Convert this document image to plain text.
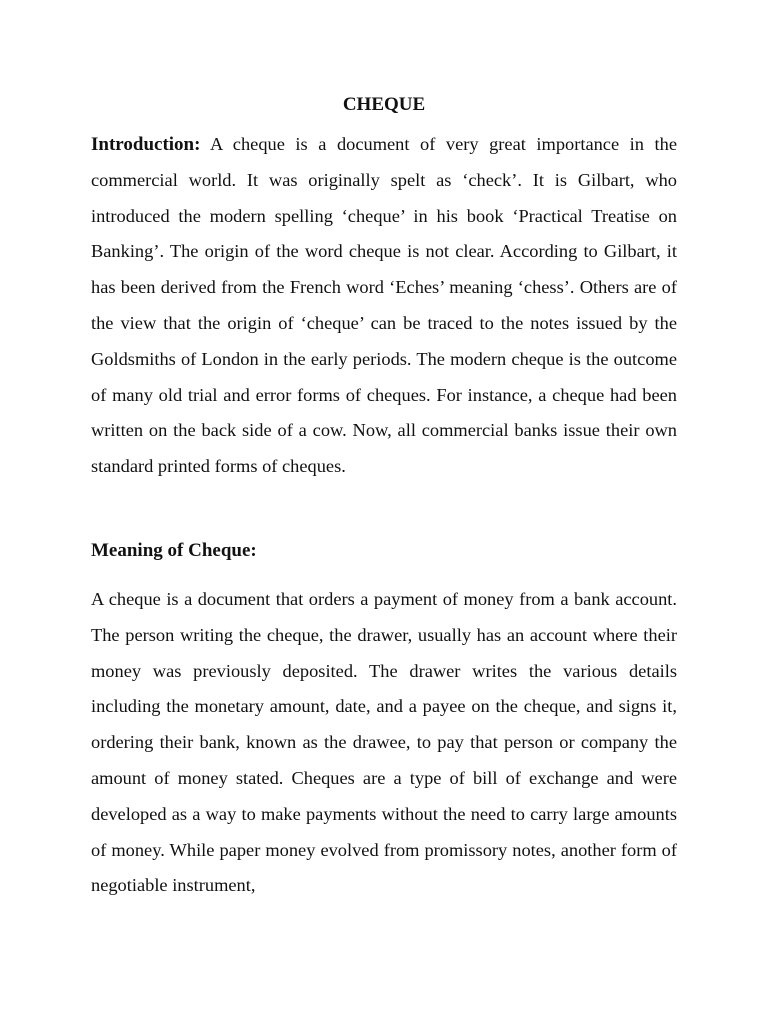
CHEQUE

Introduction: A cheque is a document of very great importance in the commercial world. It was originally spelt as ‘check’. It is Gilbart, who introduced the modern spelling ‘cheque’ in his book ‘Practical Treatise on Banking’. The origin of the word cheque is not clear. According to Gilbart, it has been derived from the French word ‘Eches’ meaning ‘chess’. Others are of the view that the origin of ‘cheque’ can be traced to the notes issued by the Goldsmiths of London in the early periods. The modern cheque is the outcome of many old trial and error forms of cheques. For instance, a cheque had been written on the back side of a cow. Now, all commercial banks issue their own standard printed forms of cheques.

Meaning of Cheque:

A cheque is a document that orders a payment of money from a bank account. The person writing the cheque, the drawer, usually has an account where their money was previously deposited. The drawer writes the various details including the monetary amount, date, and a payee on the cheque, and signs it, ordering their bank, known as the drawee, to pay that person or company the amount of money stated. Cheques are a type of bill of exchange and were developed as a way to make payments without the need to carry large amounts of money. While paper money evolved from promissory notes, another form of negotiable instrument,
